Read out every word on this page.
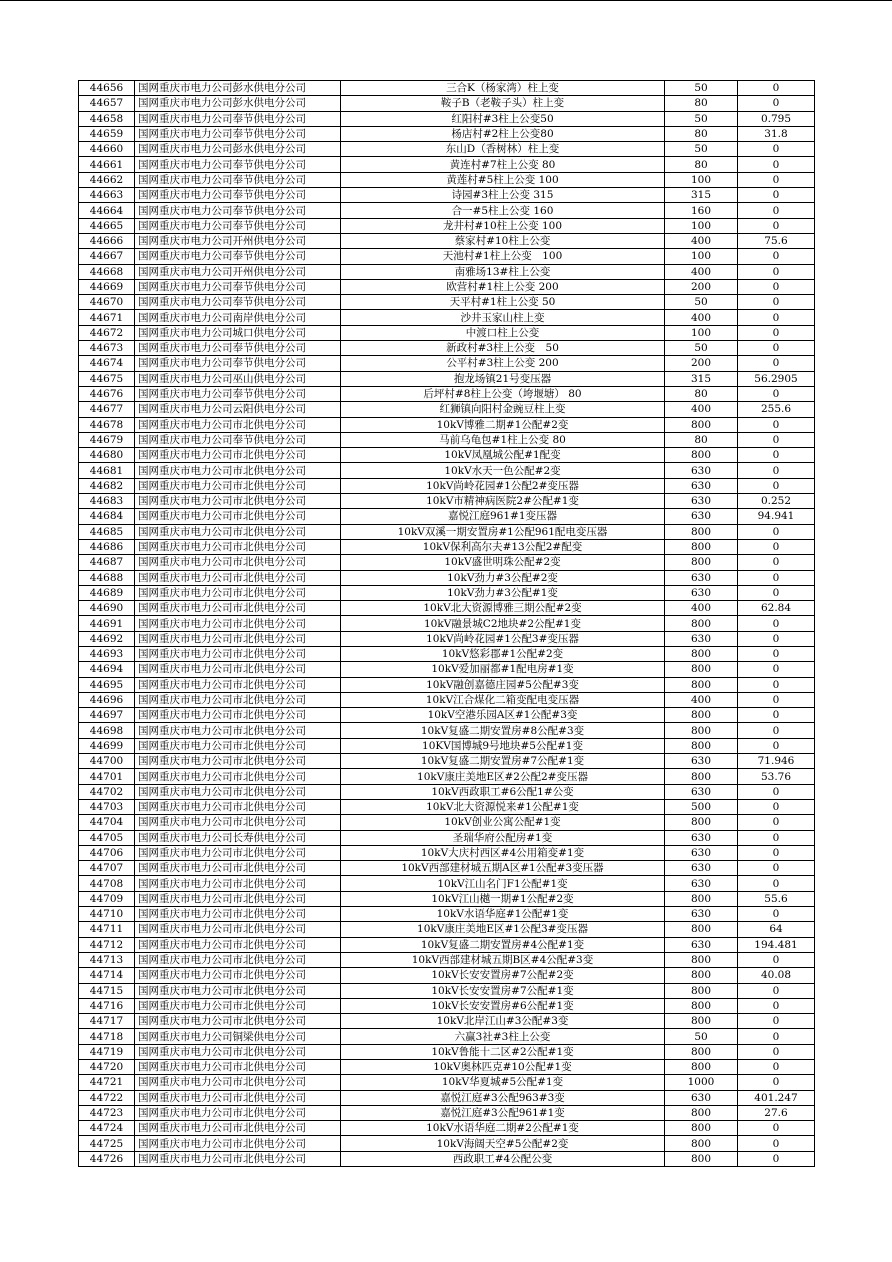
44656	国网重庆市电力公司彭水供电分公司	三合K（杨家湾）柱上变	50	0
44657	国网重庆市电力公司彭水供电分公司	鞍子B（老鞍子头）柱上变	80	0
44658	国网重庆市电力公司奉节供电分公司	红阳村#3柱上公变50	50	0.795
44659	国网重庆市电力公司奉节供电分公司	杨店村#2柱上公变80	80	31.8
44660	国网重庆市电力公司彭水供电分公司	东山D（香树林）柱上变	50	0
44661	国网重庆市电力公司奉节供电分公司	黄连村#7柱上公变 80	80	0
44662	国网重庆市电力公司奉节供电分公司	黄莲村#5柱上公变 100	100	0
44663	国网重庆市电力公司奉节供电分公司	诗园#3柱上公变 315	315	0
44664	国网重庆市电力公司奉节供电分公司	合一#5柱上公变 160	160	0
44665	国网重庆市电力公司奉节供电分公司	龙井村#10柱上公变 100	100	0
44666	国网重庆市电力公司开州供电分公司	蔡家村#10柱上公变	400	75.6
44667	国网重庆市电力公司奉节供电分公司	天池村#1柱上公变　100	100	0
44668	国网重庆市电力公司开州供电分公司	南雅场13#柱上公变	400	0
44669	国网重庆市电力公司奉节供电分公司	欧营村#1柱上公变 200	200	0
44670	国网重庆市电力公司奉节供电分公司	天平村#1柱上公变 50	50	0
44671	国网重庆市电力公司南岸供电分公司	沙井玉家山柱上变	400	0
44672	国网重庆市电力公司城口供电分公司	中渡口柱上公变	100	0
44673	国网重庆市电力公司奉节供电分公司	新政村#3柱上公变　50	50	0
44674	国网重庆市电力公司奉节供电分公司	公平村#3柱上公变 200	200	0
44675	国网重庆市电力公司巫山供电分公司	抱龙场镇21号变压器	315	56.2905
44676	国网重庆市电力公司奉节供电分公司	后坪村#8柱上公变（垮堰塘） 80	80	0
44677	国网重庆市电力公司云阳供电分公司	红狮镇向阳村金豌豆柱上变	400	255.6
44678	国网重庆市电力公司市北供电分公司	10kV博雅二期#1公配#2变	800	0
44679	国网重庆市电力公司奉节供电分公司	马前乌龟包#1柱上公变 80	80	0
44680	国网重庆市电力公司市北供电分公司	10kV凤凰城公配#1配变	800	0
44681	国网重庆市电力公司市北供电分公司	10kV水天一色公配#2变	630	0
44682	国网重庆市电力公司市北供电分公司	10kV尚岭花园#1公配2#变压器	630	0
44683	国网重庆市电力公司市北供电分公司	10kV市精神病医院2#公配#1变	630	0.252
44684	国网重庆市电力公司市北供电分公司	嘉悦江庭961#1变压器	630	94.941
44685	国网重庆市电力公司市北供电分公司	10kV双溪一期安置房#1公配961配电变压器	800	0
44686	国网重庆市电力公司市北供电分公司	10kV保利高尔夫#13公配2#配变	800	0
44687	国网重庆市电力公司市北供电分公司	10kV盛世明珠公配#2变	800	0
44688	国网重庆市电力公司市北供电分公司	10kV劲力#3公配#2变	630	0
44689	国网重庆市电力公司市北供电分公司	10kV劲力#3公配#1变	630	0
44690	国网重庆市电力公司市北供电分公司	10kV北大资源博雅三期公配#2变	400	62.84
44691	国网重庆市电力公司市北供电分公司	10kV融景城C2地块#2公配#1变	800	0
44692	国网重庆市电力公司市北供电分公司	10kV尚岭花园#1公配3#变压器	630	0
44693	国网重庆市电力公司市北供电分公司	10kV悠彩郡#1公配#2变	800	0
44694	国网重庆市电力公司市北供电分公司	10kV爱加丽都#1配电房#1变	800	0
44695	国网重庆市电力公司市北供电分公司	10kV融创嘉德庄园#5公配#3变	800	0
44696	国网重庆市电力公司市北供电分公司	10kV江合煤化二箱变配电变压器	400	0
44697	国网重庆市电力公司市北供电分公司	10kV空港乐园A区#1公配#3变	800	0
44698	国网重庆市电力公司市北供电分公司	10kV复盛二期安置房#8公配#3变	800	0
44699	国网重庆市电力公司市北供电分公司	10KV国博城9号地块#5公配#1变	800	0
44700	国网重庆市电力公司市北供电分公司	10kV复盛二期安置房#7公配#1变	630	71.946
44701	国网重庆市电力公司市北供电分公司	10kV康庄美地E区#2公配2#变压器	800	53.76
44702	国网重庆市电力公司市北供电分公司	10kV西政职工#6公配1#公变	630	0
44703	国网重庆市电力公司市北供电分公司	10kV北大资源悦来#1公配#1变	500	0
44704	国网重庆市电力公司市北供电分公司	10kV创业公寓公配#1变	800	0
44705	国网重庆市电力公司长寿供电分公司	圣瑞华府公配房#1变	630	0
44706	国网重庆市电力公司市北供电分公司	10kV大庆村西区#4公用箱变#1变	630	0
44707	国网重庆市电力公司市北供电分公司	10kV西部建材城五期A区#1公配#3变压器	630	0
44708	国网重庆市电力公司市北供电分公司	10kV江山名门F1公配#1变	630	0
44709	国网重庆市电力公司市北供电分公司	10kV江山樾一期#1公配#2变	800	55.6
44710	国网重庆市电力公司市北供电分公司	10kV水语华庭#1公配#1变	630	0
44711	国网重庆市电力公司市北供电分公司	10kV康庄美地E区#1公配3#变压器	800	64
44712	国网重庆市电力公司市北供电分公司	10kV复盛二期安置房#4公配#1变	630	194.481
44713	国网重庆市电力公司市北供电分公司	10kV西部建材城五期B区#4公配#3变	800	0
44714	国网重庆市电力公司市北供电分公司	10kV长安安置房#7公配#2变	800	40.08
44715	国网重庆市电力公司市北供电分公司	10kV长安安置房#7公配#1变	800	0
44716	国网重庆市电力公司市北供电分公司	10kV长安安置房#6公配#1变	800	0
44717	国网重庆市电力公司市北供电分公司	10kV北岸江山#3公配#3变	800	0
44718	国网重庆市电力公司铜梁供电分公司	六赢3社#3柱上公变	50	0
44719	国网重庆市电力公司市北供电分公司	10kV鲁能十二区#2公配#1变	800	0
44720	国网重庆市电力公司市北供电分公司	10kV奥林匹克#10公配#1变	800	0
44721	国网重庆市电力公司市北供电分公司	10kV华夏城#5公配#1变	1000	0
44722	国网重庆市电力公司市北供电分公司	嘉悦江庭#3公配963#3变	630	401.247
44723	国网重庆市电力公司市北供电分公司	嘉悦江庭#3公配961#1变	800	27.6
44724	国网重庆市电力公司市北供电分公司	10kV水语华庭二期#2公配#1变	800	0
44725	国网重庆市电力公司市北供电分公司	10kV海阔天空#5公配#2变	800	0
44726	国网重庆市电力公司市北供电分公司	西政职工#4公配公变	800	0
